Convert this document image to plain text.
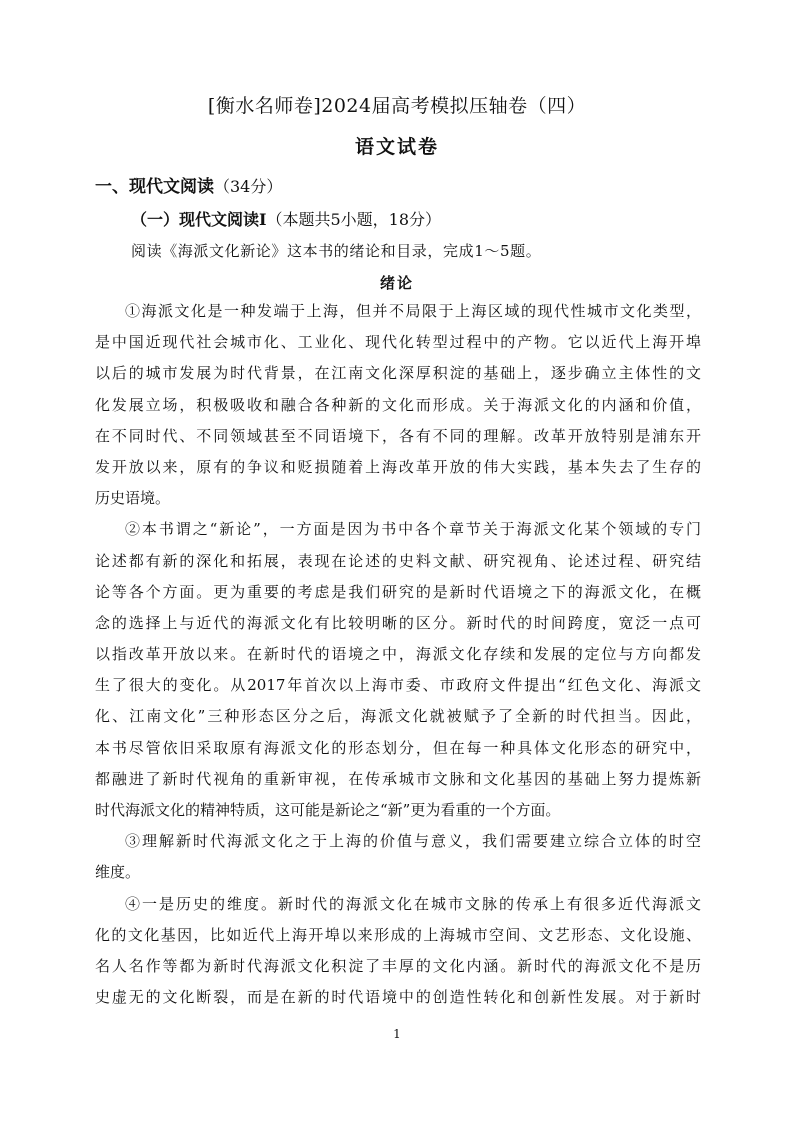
[衡水名师卷]2024届高考模拟压轴卷（四）
语文试卷
一、现代文阅读（34分）
（一）现代文阅读Ⅰ（本题共5小题，18分）
阅读《海派文化新论》这本书的绪论和目录，完成1～5题。
绪论
①海派文化是一种发端于上海，但并不局限于上海区域的现代性城市文化类型，
是中国近现代社会城市化、工业化、现代化转型过程中的产物。它以近代上海开埠
以后的城市发展为时代背景，在江南文化深厚积淀的基础上，逐步确立主体性的文
化发展立场，积极吸收和融合各种新的文化而形成。关于海派文化的内涵和价值，
在不同时代、不同领域甚至不同语境下，各有不同的理解。改革开放特别是浦东开
发开放以来，原有的争议和贬损随着上海改革开放的伟大实践，基本失去了生存的
历史语境。
②本书谓之“新论”，一方面是因为书中各个章节关于海派文化某个领域的专门
论述都有新的深化和拓展，表现在论述的史料文献、研究视角、论述过程、研究结
论等各个方面。更为重要的考虑是我们研究的是新时代语境之下的海派文化，在概
念的选择上与近代的海派文化有比较明晰的区分。新时代的时间跨度，宽泛一点可
以指改革开放以来。在新时代的语境之中，海派文化存续和发展的定位与方向都发
生了很大的变化。从2017年首次以上海市委、市政府文件提出“红色文化、海派文
化、江南文化”三种形态区分之后，海派文化就被赋予了全新的时代担当。因此，
本书尽管依旧采取原有海派文化的形态划分，但在每一种具体文化形态的研究中，
都融进了新时代视角的重新审视，在传承城市文脉和文化基因的基础上努力提炼新
时代海派文化的精神特质，这可能是新论之“新”更为看重的一个方面。
③理解新时代海派文化之于上海的价值与意义，我们需要建立综合立体的时空
维度。
④一是历史的维度。新时代的海派文化在城市文脉的传承上有很多近代海派文
化的文化基因，比如近代上海开埠以来形成的上海城市空间、文艺形态、文化设施、
名人名作等都为新时代海派文化积淀了丰厚的文化内涵。新时代的海派文化不是历
史虚无的文化断裂，而是在新的时代语境中的创造性转化和创新性发展。对于新时
1
